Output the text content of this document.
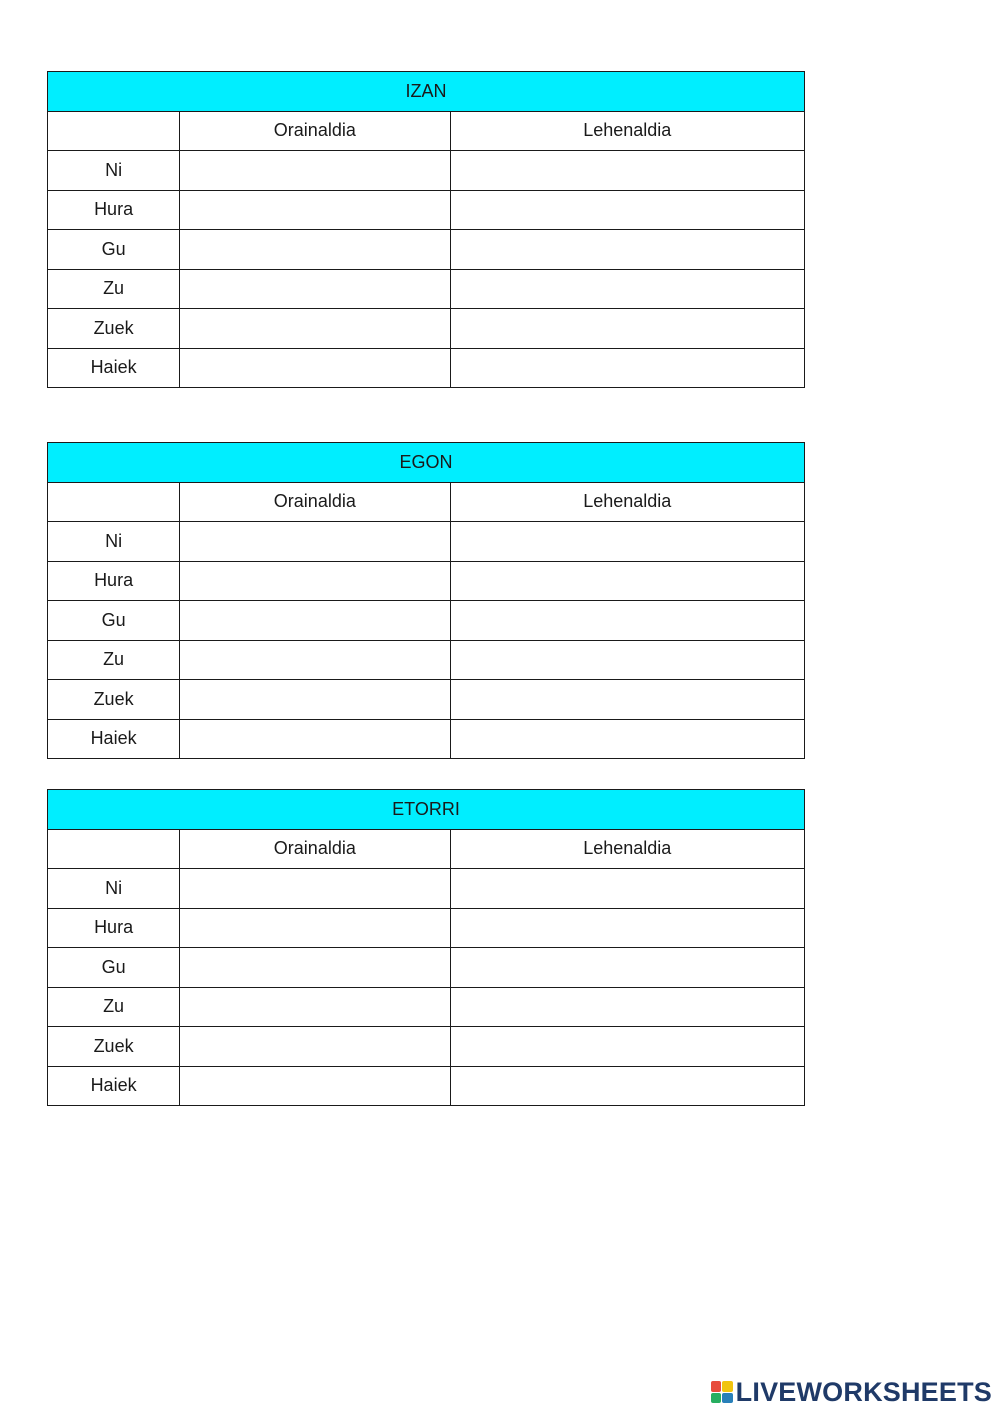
IZAN		
	Orainaldia	Lehenaldia
Ni		
Hura		
Gu		
Zu		
Zuek		
Haiek		
EGON		
	Orainaldia	Lehenaldia
Ni		
Hura		
Gu		
Zu		
Zuek		
Haiek		
ETORRI		
	Orainaldia	Lehenaldia
Ni		
Hura		
Gu		
Zu		
Zuek		
Haiek		
LIVEWORKSHEETS
